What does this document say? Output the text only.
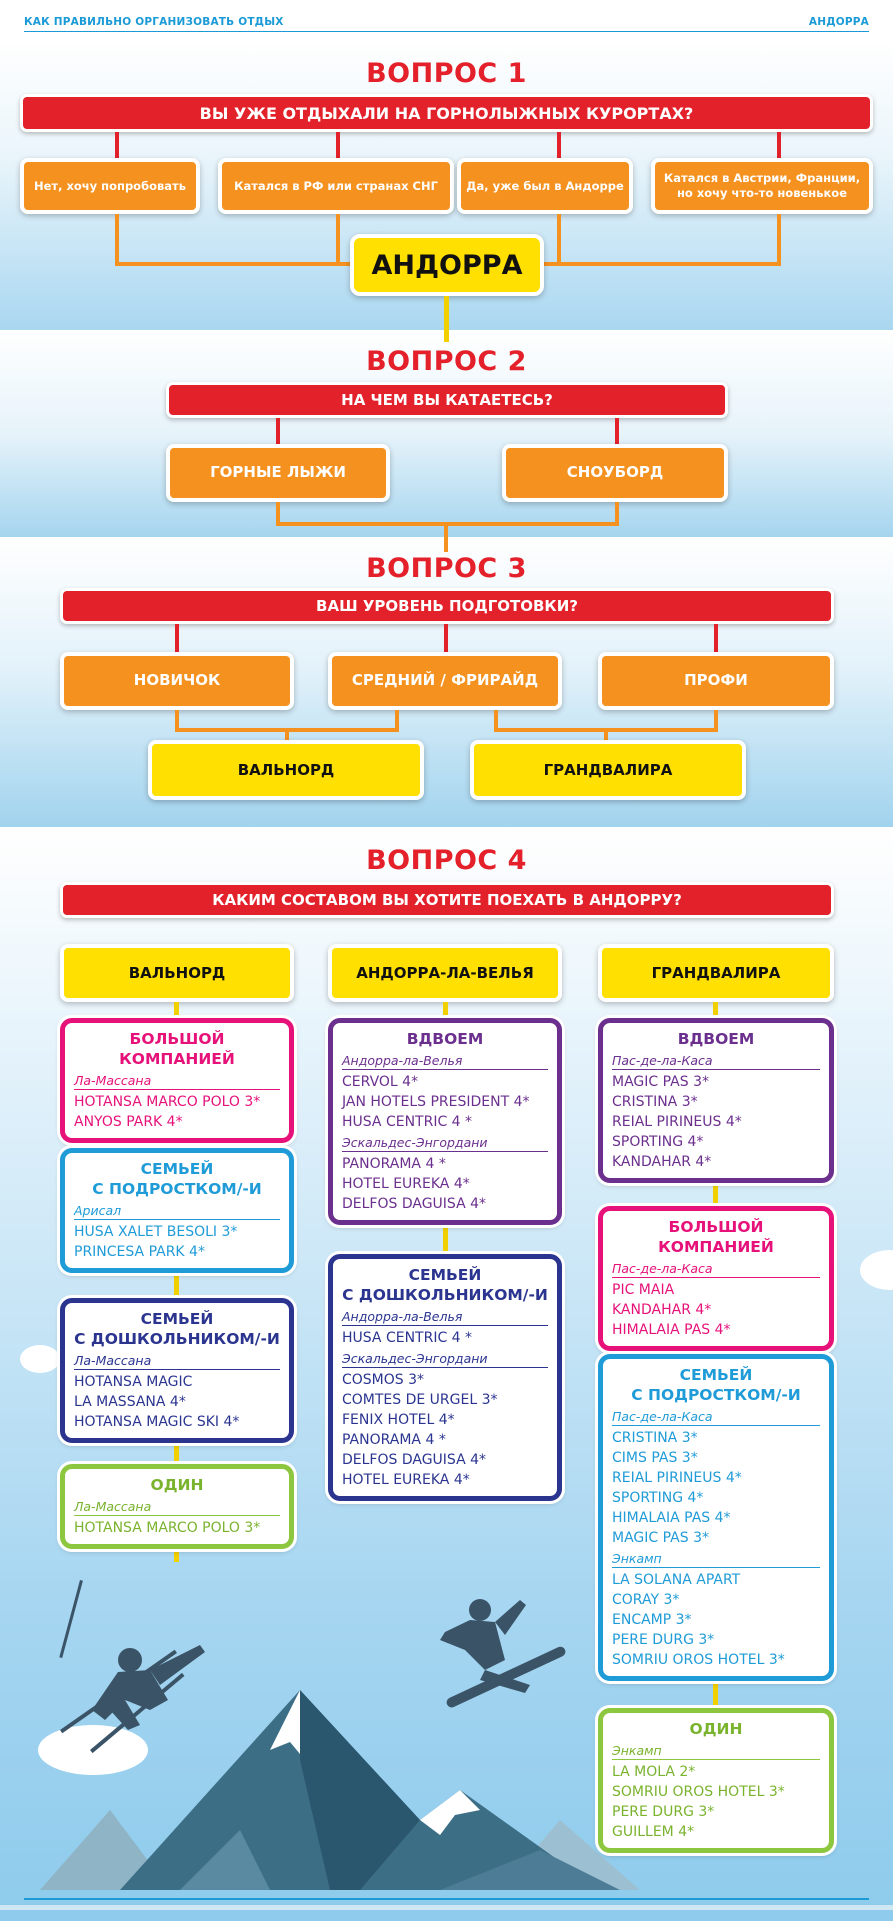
КАК ПРАВИЛЬНО ОРГАНИЗОВАТЬ ОТДЫХ	АНДОРРА
ВОПРОС 1
ВЫ УЖЕ ОТДЫХАЛИ НА ГОРНОЛЫЖНЫХ КУРОРТАХ?
Нет, хочу попробовать	Катался в РФ или странах СНГ	Да, уже был в Андорре
Катался в Австрии, Франции, но хочу что-то новенькое
АНДОРРА
ВОПРОС 2
НА ЧЕМ ВЫ КАТАЕТЕСЬ?
ГОРНЫЕ ЛЫЖИ	СНОУБОРД
ВОПРОС 3
ВАШ УРОВЕНЬ ПОДГОТОВКИ?
НОВИЧОК	СРЕДНИЙ / ФРИРАЙД	ПРОФИ
ВАЛЬНОРД	ГРАНДВАЛИРА
ВОПРОС 4
КАКИМ СОСТАВОМ ВЫ ХОТИТЕ ПОЕХАТЬ В АНДОРРУ?
ВАЛЬНОРД	АНДОРРА-ЛА-ВЕЛЬЯ	ГРАНДВАЛИРА
БОЛЬШОЙ КОМПАНИЕЙ
Ла-Массана
HOTANSA MARCO POLO 3*
ANYOS PARK 4*
СЕМЬЕЙ
С ПОДРОСТКОМ/-И
Арисал
HUSA XALET BESOLI 3*
PRINCESA PARK 4*
СЕМЬЕЙ
С ДОШКОЛЬНИКОМ/-И
Ла-Массана
HOTANSA MAGIC
LA MASSANA 4*
HOTANSA MAGIC SKI 4*
ОДИН
Ла-Массана
HOTANSA MARCO POLO 3*
ВДВОЕМ
Андорра-ла-Велья
CERVOL 4*
JAN HOTELS PRESIDENT 4*
HUSA CENTRIC 4 *
Эскальдес-Энгордани
PANORAMA 4 *
HOTEL EUREKA 4*
DELFOS DAGUISA 4*
СЕМЬЕЙ
С ДОШКОЛЬНИКОМ/-И
Андорра-ла-Велья
HUSA CENTRIC 4 *
Эскальдес-Энгордани
COSMOS 3*
COMTES DE URGEL 3*
FENIX HOTEL 4*
PANORAMA 4 *
DELFOS DAGUISA 4*
HOTEL EUREKA 4*
ВДВОЕМ
Пас-де-ла-Каса
MAGIC PAS 3*
CRISTINA 3*
REIAL PIRINEUS 4*
SPORTING 4*
KANDAHAR 4*
БОЛЬШОЙ КОМПАНИЕЙ
Пас-де-ла-Каса
PIC MAIA
KANDAHAR 4*
HIMALAIA PAS 4*
СЕМЬЕЙ
С ПОДРОСТКОМ/-И
Пас-де-ла-Каса
CRISTINA 3*
CIMS PAS 3*
REIAL PIRINEUS 4*
SPORTING 4*
HIMALAIA PAS 4*
MAGIC PAS 3*
Энкамп
LA SOLANA APART
CORAY 3*
ENCAMP 3*
PERE DURG 3*
SOMRIU OROS HOTEL 3*
ОДИН
Энкамп
LA MOLA 2*
SOMRIU OROS HOTEL 3*
PERE DURG 3*
GUILLEM 4*
